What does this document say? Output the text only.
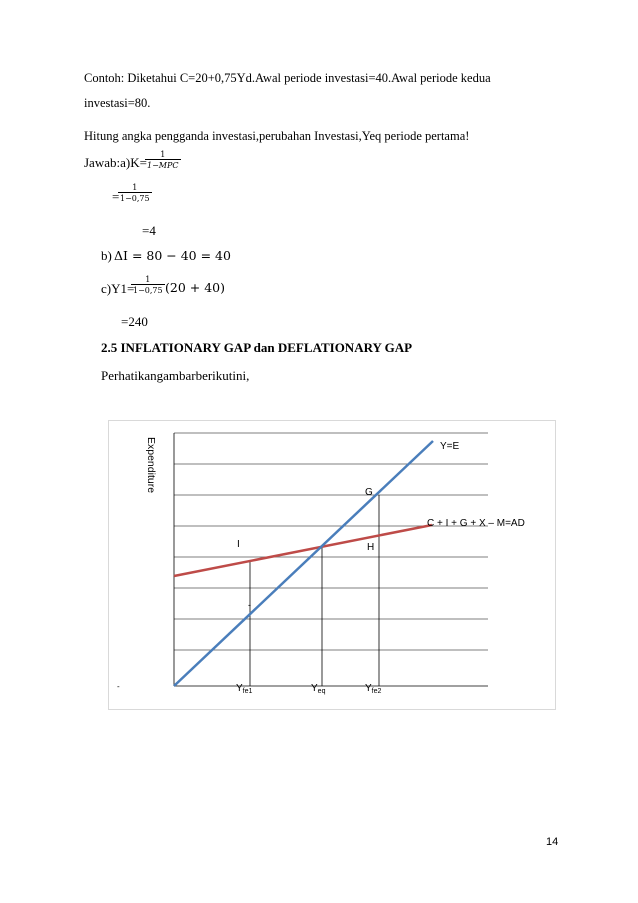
Contoh: Diketahui C=20+0,75Yd.Awal periode investasi=40.Awal periode kedua
investasi=80.
Hitung angka pengganda investasi,perubahan Investasi,Yeq periode pertama!
Jawab:a)K=
1
1−MPC
=
$\frac{1}{1-0,75}$
=4
b) ΔI = 80 − 40 = 40
c)Y1=
$\frac{1}{1-0,75} (20 + 40)$
=240
2.5 INFLATIONARY GAP dan DEFLATIONARY GAP
Perhatikangambarberikutini,
Expenditure	Y=E
C + I + G + X – M=AD
G
H
I
-
-	$Y_{fe1}$	$Y_{eq}$	$Y_{fe2}$
14
